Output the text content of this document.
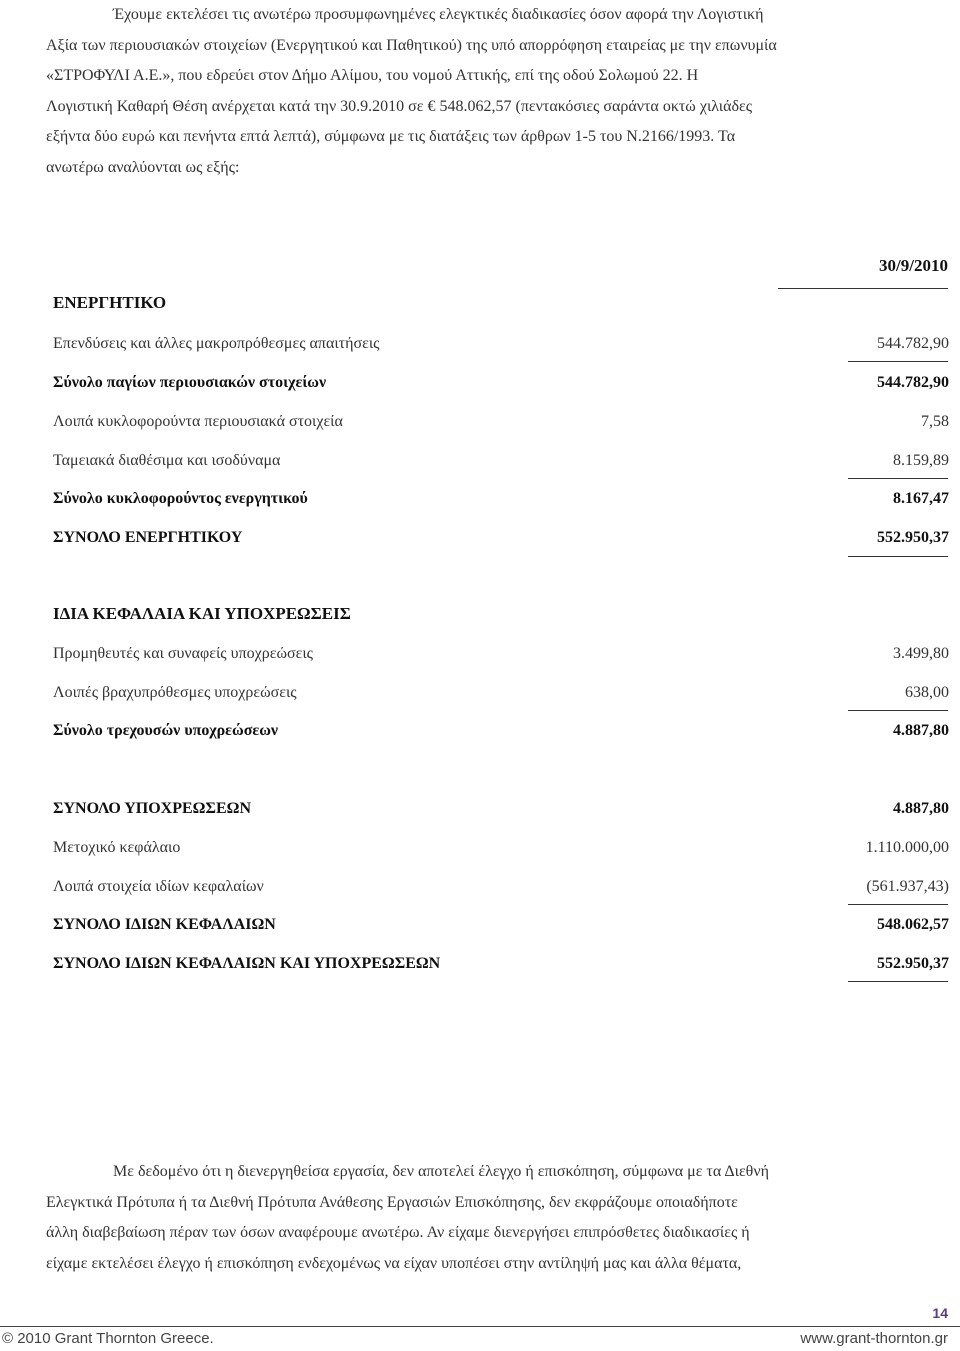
Έχουμε εκτελέσει τις ανωτέρω προσυμφωνημένες ελεγκτικές διαδικασίες όσον αφορά την Λογιστική

Αξία των περιουσιακών στοιχείων (Ενεργητικού και Παθητικού) της υπό απορρόφηση εταιρείας με την επωνυμία

«ΣΤΡΟΦΥΛΙ Α.Ε.», που εδρεύει στον Δήμο Αλίμου, του νομού Αττικής, επί της οδού Σολωμού 22. Η

Λογιστική Καθαρή Θέση ανέρχεται κατά την 30.9.2010 σε € 548.062,57 (πεντακόσιες σαράντα οκτώ χιλιάδες

εξήντα δύο ευρώ και πενήντα επτά λεπτά), σύμφωνα με τις διατάξεις των άρθρων 1-5 του Ν.2166/1993. Τα

ανωτέρω αναλύονται ως εξής:

30/9/2010
ΕΝΕΡΓΗΤΙΚΟ
Επενδύσεις και άλλες μακροπρόθεσμες απαιτήσεις	544.782,90
Σύνολο παγίων περιουσιακών στοιχείων	544.782,90
Λοιπά κυκλοφορούντα περιουσιακά στοιχεία	7,58
Ταμειακά διαθέσιμα και ισοδύναμα	8.159,89
Σύνολο κυκλοφορούντος ενεργητικού	8.167,47
ΣΥΝΟΛΟ ΕΝΕΡΓΗΤΙΚΟΥ	552.950,37
ΙΔΙΑ ΚΕΦΑΛΑΙΑ ΚΑΙ ΥΠΟΧΡΕΩΣΕΙΣ
Προμηθευτές και συναφείς υποχρεώσεις	3.499,80
Λοιπές βραχυπρόθεσμες υποχρεώσεις	638,00
Σύνολο τρεχουσών υποχρεώσεων	4.887,80
ΣΥΝΟΛΟ ΥΠΟΧΡΕΩΣΕΩΝ	4.887,80
Μετοχικό κεφάλαιο	1.110.000,00
Λοιπά στοιχεία ιδίων κεφαλαίων	(561.937,43)
ΣΥΝΟΛΟ ΙΔΙΩΝ ΚΕΦΑΛΑΙΩΝ	548.062,57
ΣΥΝΟΛΟ ΙΔΙΩΝ ΚΕΦΑΛΑΙΩΝ ΚΑΙ ΥΠΟΧΡΕΩΣΕΩΝ	552.950,37

Με δεδομένο ότι η διενεργηθείσα εργασία, δεν αποτελεί έλεγχο ή επισκόπηση, σύμφωνα με τα Διεθνή

Ελεγκτικά Πρότυπα ή τα Διεθνή Πρότυπα Ανάθεσης Εργασιών Επισκόπησης, δεν εκφράζουμε οποιαδήποτε

άλλη διαβεβαίωση πέραν των όσων αναφέρουμε ανωτέρω. Αν είχαμε διενεργήσει επιπρόσθετες διαδικασίες ή

είχαμε εκτελέσει έλεγχο ή επισκόπηση ενδεχομένως να είχαν υποπέσει στην αντίληψή μας και άλλα θέματα,

14
© 2010 Grant Thornton Greece.	www.grant-thornton.gr
